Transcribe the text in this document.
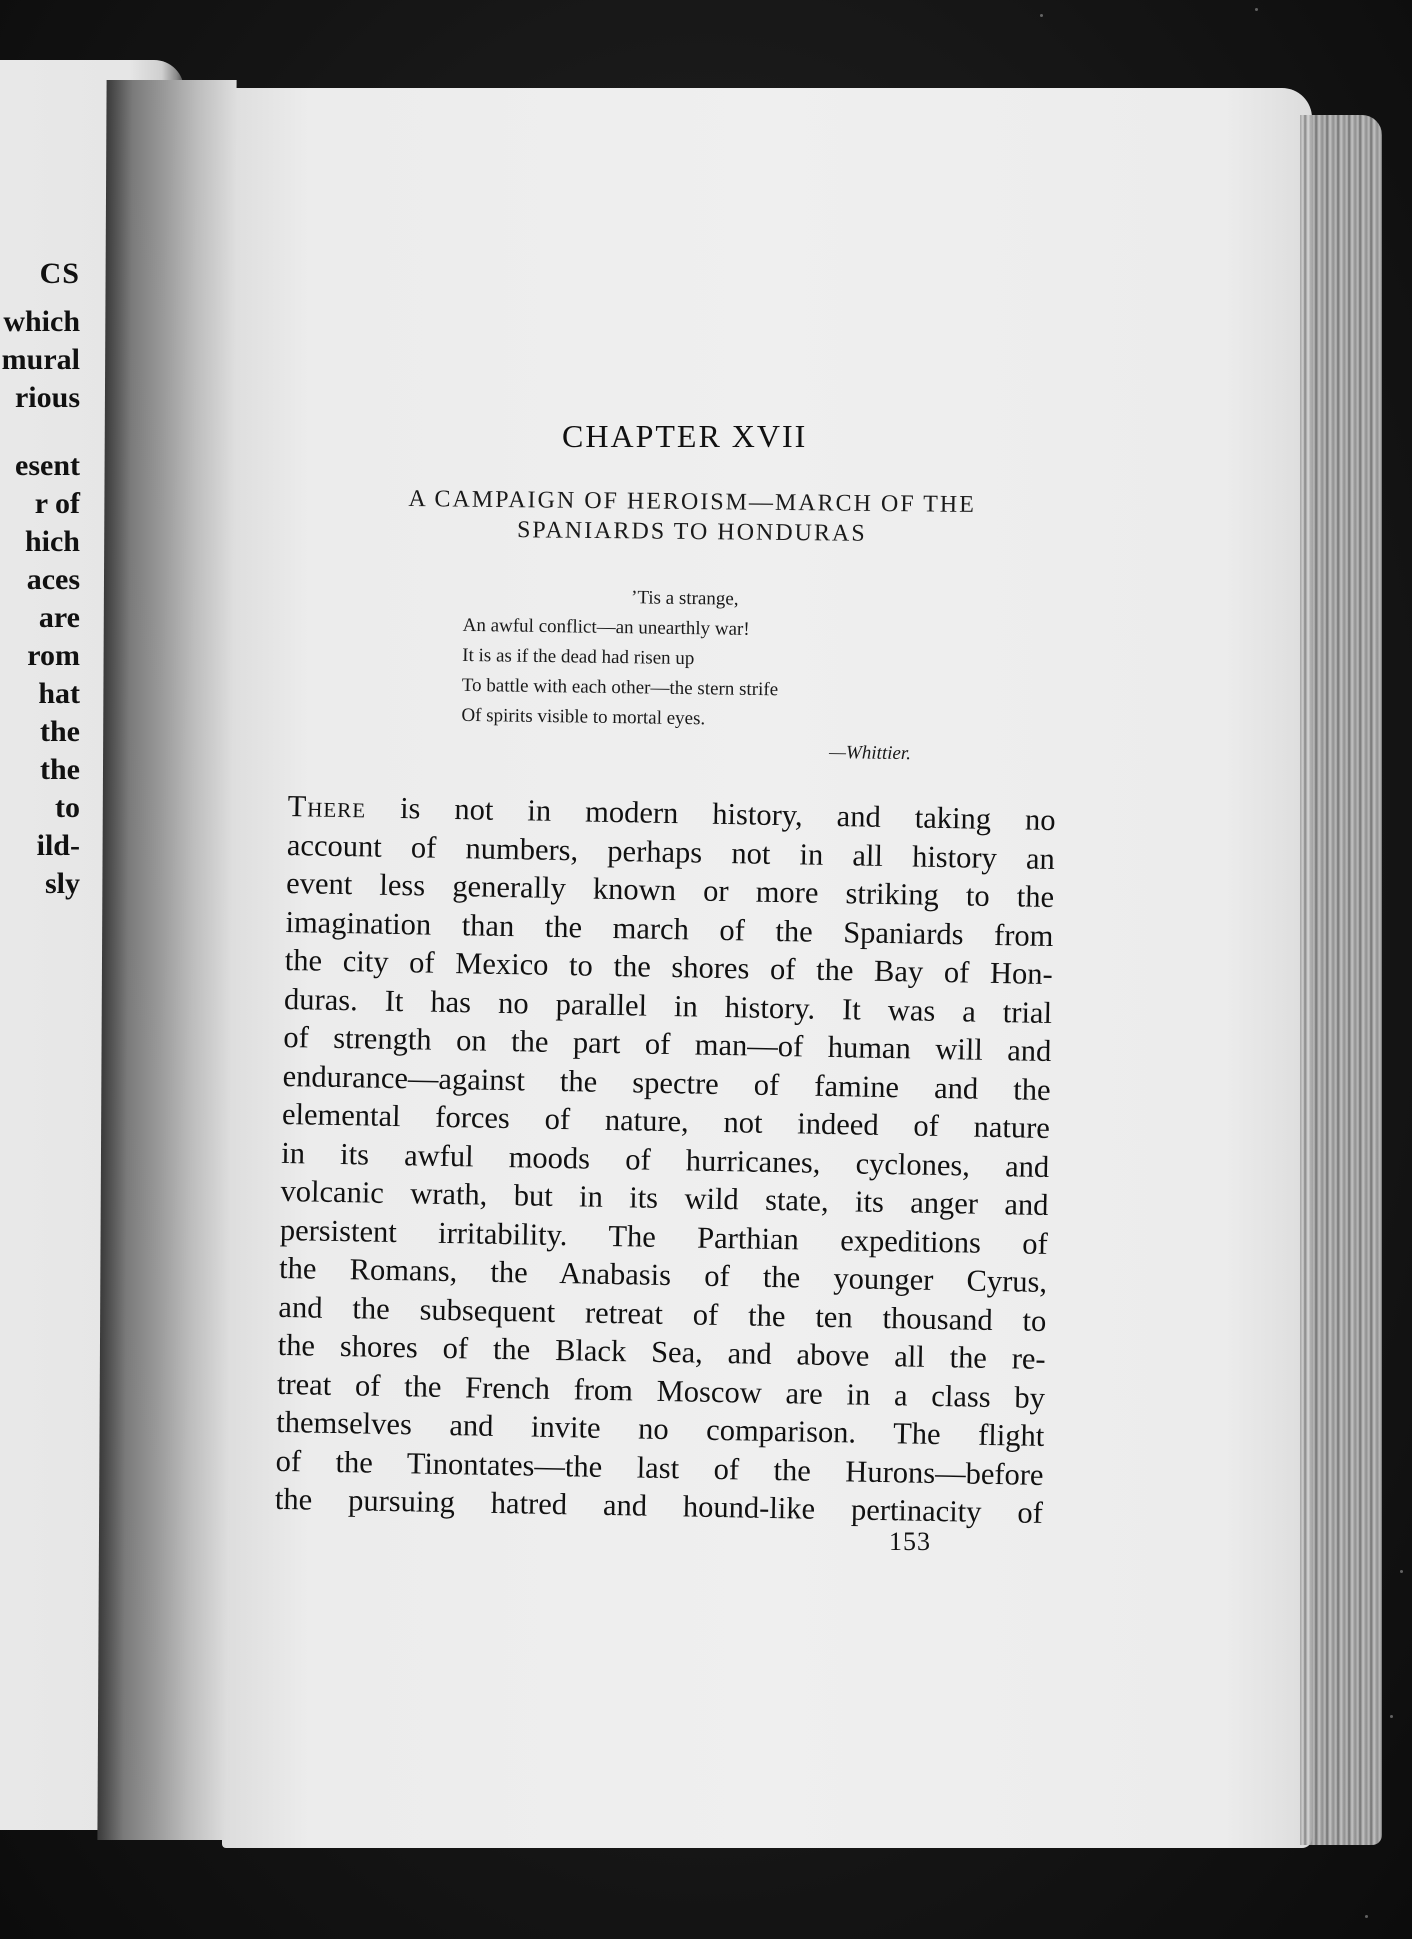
CS
which
mural
rious
esent
r of
hich
aces
are
rom
hat
the
the
to
ild-
sly
CHAPTER XVII
A CAMPAIGN OF HEROISM—MARCH OF THE
SPANIARDS TO HONDURAS
’Tis a strange,
An awful conflict—an unearthly war!
It is as if the dead had risen up
To battle with each other—the stern strife
Of spirits visible to mortal eyes.
—Whittier.
There is not in modern history, and taking no
account of numbers, perhaps not in all history an
event less generally known or more striking to the
imagination than the march of the Spaniards from
the city of Mexico to the shores of the Bay of Hon-
duras. It has no parallel in history. It was a trial
of strength on the part of man—of human will and
endurance—against the spectre of famine and the
elemental forces of nature, not indeed of nature
in its awful moods of hurricanes, cyclones, and
volcanic wrath, but in its wild state, its anger and
persistent irritability. The Parthian expeditions of
the Romans, the Anabasis of the younger Cyrus,
and the subsequent retreat of the ten thousand to
the shores of the Black Sea, and above all the re-
treat of the French from Moscow are in a class by
themselves and invite no comparison. The flight
of the Tinontates—the last of the Hurons—before
the pursuing hatred and hound-like pertinacity of
153
